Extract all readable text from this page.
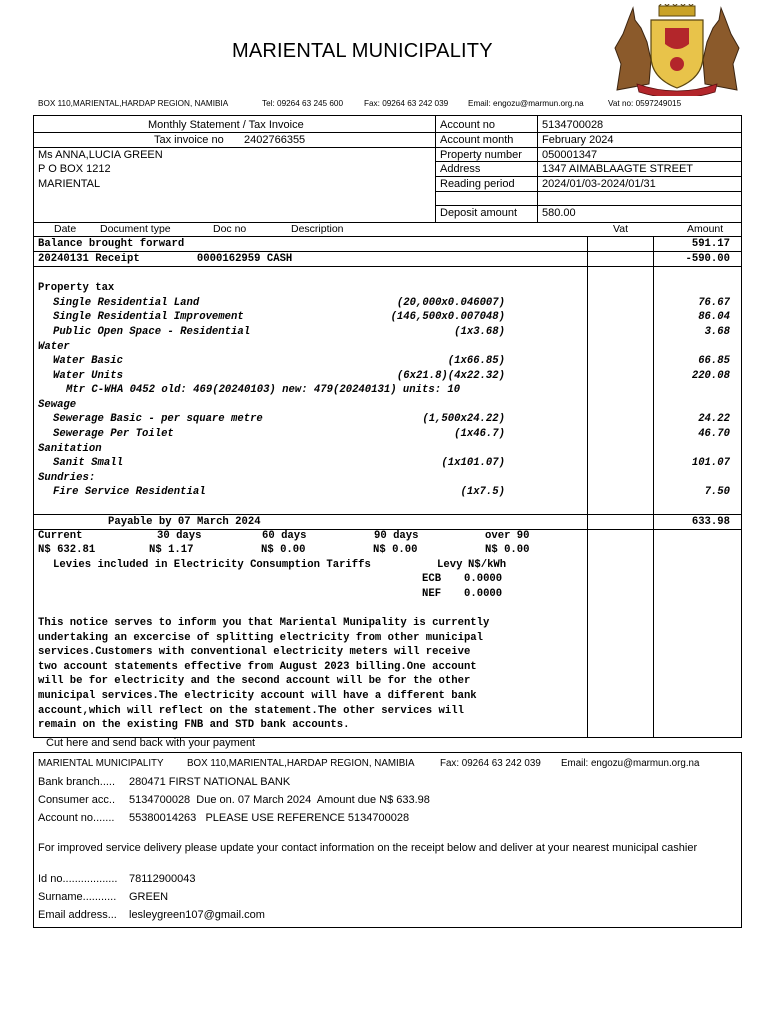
MARIENTAL MUNICIPALITY
BOX 110,MARIENTAL,HARDAP REGION, NAMIBIA	Tel: 09264 63 245 600	Fax: 09264 63 242 039 Email: engozu@marmun.org.na	Vat no: 0597249015
Monthly Statement / Tax Invoice
Tax invoice no 2402766355
Ms ANNA,LUCIA GREEN
P O BOX 1212
MARIENTAL
Account no	5134700028
Account month	February 2024
Property number 050001347
Address	1347 AIMABLAAGTE STREET
Reading period 2024/01/03-2024/01/31
Deposit amount 580.00
Date Document type	Doc no	Description	Vat	Amount
Balance brought forward	591.17
20240131 Receipt         0000162959 CASH	-590.00
Property tax
Single Residential Land	(20,000x0.046007)	76.67
Single Residential Improvement	(146,500x0.007048)	86.04
Public Open Space - Residential	(1x3.68)	3.68
Water
Water Basic	(1x66.85)	66.85
Water Units	(6x21.8)(4x22.32)	220.08
Mtr C-WHA 0452 old: 469(20240103) new: 479(20240131) units: 10
Sewage
Sewerage Basic - per square metre	(1,500x24.22)	24.22
Sewerage Per Toilet	(1x46.7)	46.70
Sanitation
Sanit Small	(1x101.07)	101.07
Sundries:
Fire Service Residential	(1x7.5)	7.50
Payable by 07 March 2024	633.98
Current	30 days	60 days	90 days	over 90
N$ 632.81	N$ 1.17	N$ 0.00	N$ 0.00	N$ 0.00
Levies included in Electricity Consumption Tariffs	Levy N$/kWh
ECB 0.0000
NEF 0.0000
This notice serves to inform you that Mariental Munipality is currently
undertaking an excercise of splitting electricity from other municipal
services.Customers with conventional electricity meters will receive
two account statements effective from August 2023 billing.One account
will be for electricity and the second account will be for the other
municipal services.The electricity account will have a different bank
account,which will reflect on the statement.The other services will
remain on the existing FNB and STD bank accounts.
Cut here and send back with your payment
MARIENTAL MUNICIPALITY BOX 110,MARIENTAL,HARDAP REGION, NAMIBIA	Fax: 09264 63 242 039 Email: engozu@marmun.org.na
Bank branch..... 280471 FIRST NATIONAL BANK
Consumer acc.. 5134700028  Due on. 07 March 2024  Amount due N$ 633.98
Account no....... 55380014263   PLEASE USE REFERENCE 5134700028
For improved service delivery please update your contact information on the receipt below and deliver at your nearest municipal cashier
Id no.................. 78112900043
Surname........... GREEN
Email address... lesleygreen107@gmail.com
